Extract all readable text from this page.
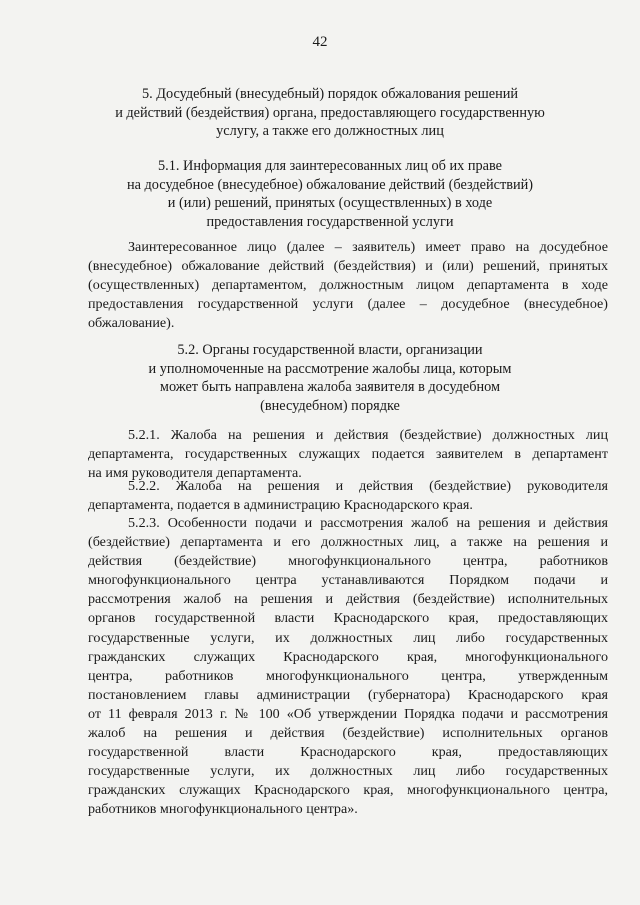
42
5. Досудебный (внесудебный) порядок обжалования решений
и действий (бездействия) органа, предоставляющего государственную
услугу, а также его должностных лиц
5.1. Информация для заинтересованных лиц об их праве
на досудебное (внесудебное) обжалование действий (бездействий)
и (или) решений, принятых (осуществленных) в ходе
предоставления государственной услуги
Заинтересованное лицо (далее – заявитель) имеет право на досудебное
(внесудебное) обжалование действий (бездействия) и (или) решений, принятых
(осуществленных) департаментом, должностным лицом департамента в ходе
предоставления государственной услуги (далее – досудебное (внесудебное)
обжалование).
5.2. Органы государственной власти, организации
и уполномоченные на рассмотрение жалобы лица, которым
может быть направлена жалоба заявителя в досудебном
(внесудебном) порядке
5.2.1. Жалоба на решения и действия (бездействие) должностных лиц
департамента, государственных служащих подается заявителем в департамент
на имя руководителя департамента.
5.2.2. Жалоба на решения и действия (бездействие) руководителя
департамента, подается в администрацию Краснодарского края.
5.2.3. Особенности подачи и рассмотрения жалоб на решения и действия
(бездействие) департамента и его должностных лиц, а также на решения и
действия (бездействие) многофункционального центра, работников
многофункционального центра устанавливаются Порядком подачи и
рассмотрения жалоб на решения и действия (бездействие) исполнительных
органов государственной власти Краснодарского края, предоставляющих
государственные услуги, их должностных лиц либо государственных
гражданских служащих Краснодарского края, многофункционального
центра, работников многофункционального центра, утвержденным
постановлением главы администрации (губернатора) Краснодарского края
от 11 февраля 2013 г. № 100 «Об утверждении Порядка подачи и рассмотрения
жалоб на решения и действия (бездействие) исполнительных органов
государственной власти Краснодарского края, предоставляющих
государственные услуги, их должностных лиц либо государственных
гражданских служащих Краснодарского края, многофункционального центра,
работников многофункционального центра».
